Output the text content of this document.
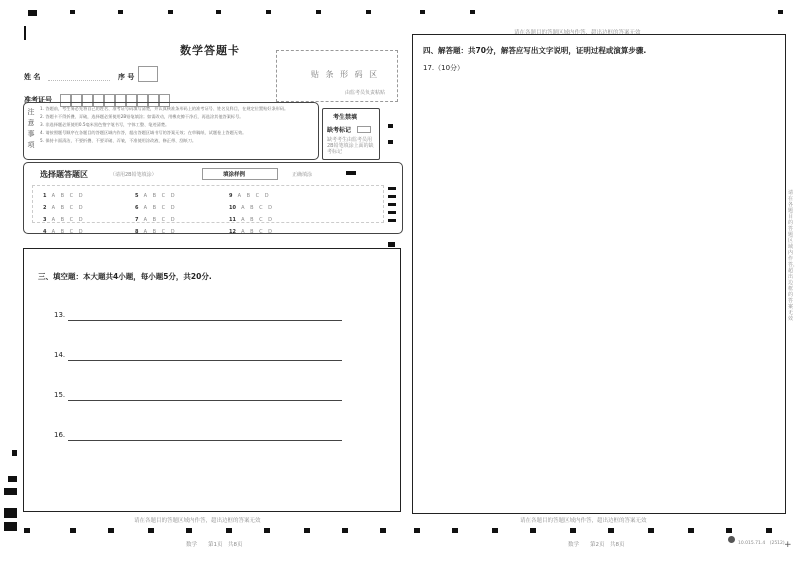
数学答题卡
姓 名	序 号
准考证号
贴 条 形 码 区
由监考员负责粘贴
注
意
事
项
1. 答题前，考生务必先将自己的姓名、准考证号码填写清楚，并认真核准条形码上的准考证号、姓名及科目，在规定位置贴好条形码。
2. 答题卡不得折叠、弄破，选择题必须使用2B铅笔填涂；如需改动，用橡皮擦干净后，再选涂其他答案标号。
3. 非选择题必须使用0.5毫米黑色签字笔书写，字体工整、笔迹清楚。
4. 请按照题号顺序在各题目的答题区域内作答，超出答题区域书写的答案无效；在草稿纸、试题卷上答题无效。
5. 保持卡面清洁，不要折叠、不要弄破、弄皱，不准使用涂改液、修正带、刮纸刀。
考生禁填
缺考标记
缺考考生由监考员用2B铅笔填涂上面的缺考标记
选择题答题区	（请用2B铅笔填涂）	填涂样例	正确填涂
1 A B C D
2 A B C D
3 A B C D
4 A B C D
5 A B C D
6 A B C D
7 A B C D
8 A B C D
9 A B C D
10 A B C D
11 A B C D
12 A B C D
三、填空题：本大题共4小题，每小题5分，共20分.
13.
14.
15.
16.
请在各题目的答题区域内作答，超出边框的答案无效
数学　　第1页　共8页
请在各题目的答题区域内作答，超出边框的答案无效
四、解答题：共70分，解答应写出文字说明，证明过程或演算步骤.
17.（10分）
请在各题目的答题区域内作答，超出边框的答案无效
请在各题目的答题区域内作答，超出边框的答案无效
数学　　第2页　共8页	10.015.71.4　(2512) +
